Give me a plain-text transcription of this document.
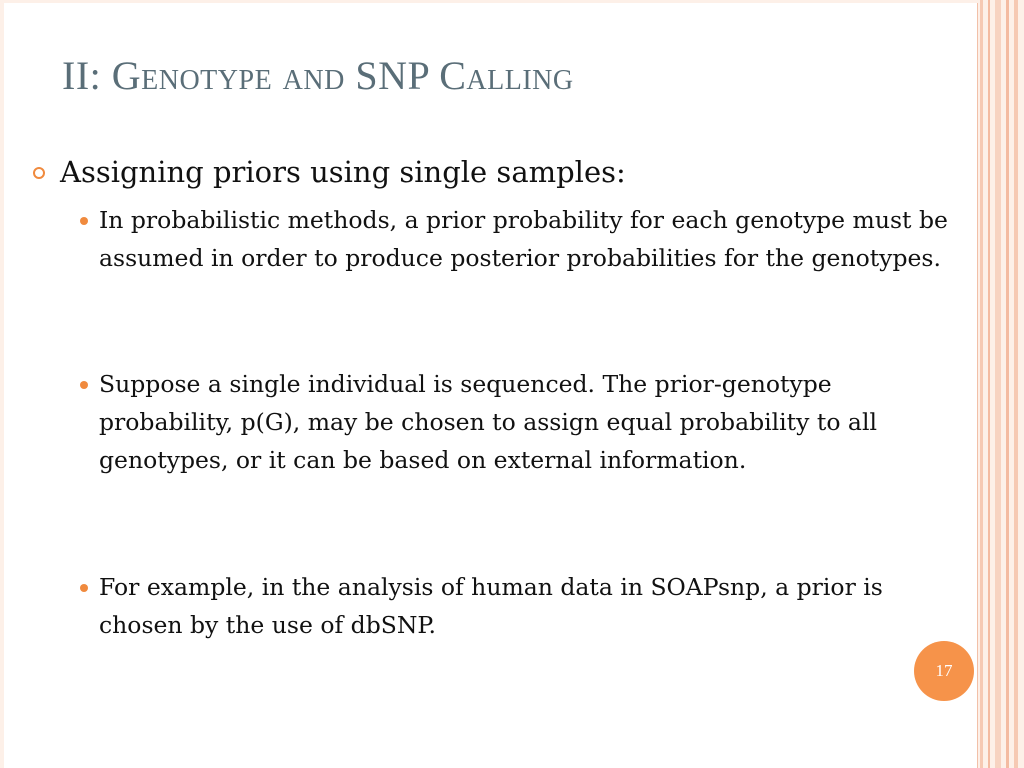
II: Genotype and SNP Calling
Assigning priors using single samples:
In probabilistic methods, a prior probability for each genotype must be assumed in order to produce posterior probabilities for the genotypes.
Suppose a single individual is sequenced. The prior-genotype probability, p(G), may be chosen to assign equal probability to all genotypes, or it can be based on external information.
For example, in the analysis of human data in SOAPsnp, a prior is chosen by the use of dbSNP.
17
